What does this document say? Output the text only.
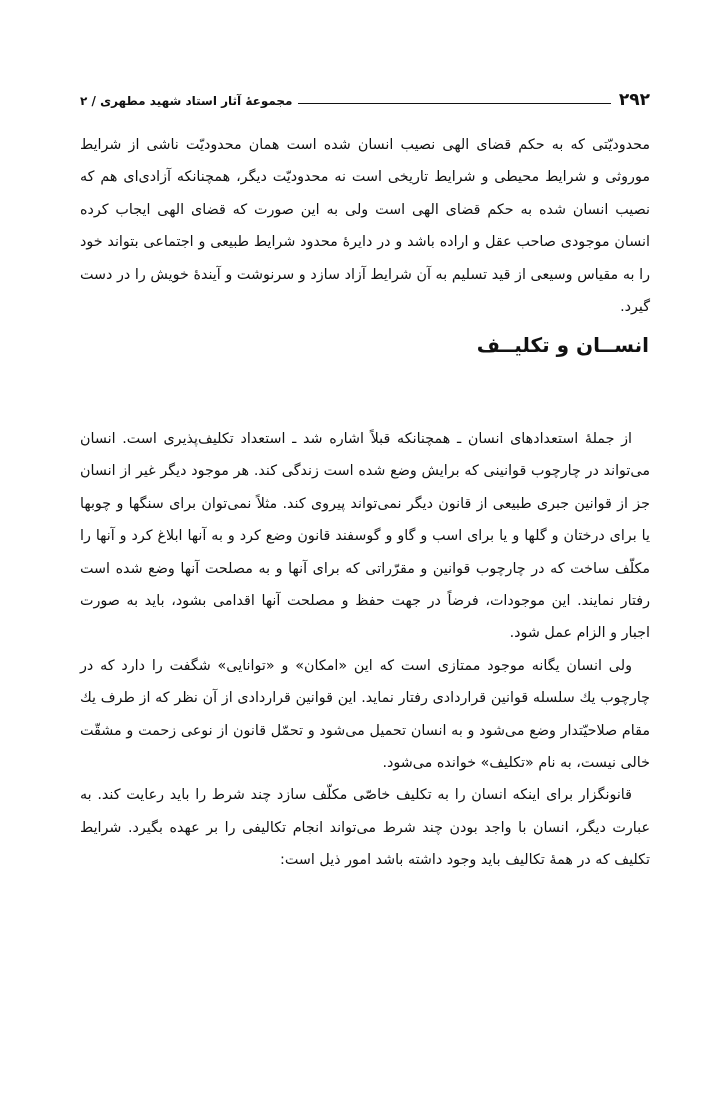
۲۹۲
مجموعهٔ آثار استاد شهید مطهری / ۲

محدودیّتی که به حکم قضای الهی نصیب انسان شده است همان محدودیّت ناشی از شرایط موروثی و شرایط محیطی و شرایط تاریخی است نه محدودیّت دیگر، همچنانکه آزادی‌ای هم که نصیب انسان شده به حکم قضای الهی است ولی به این صورت که قضای الهی ایجاب کرده انسان موجودی صاحب عقل و اراده باشد و در دایرهٔ محدود شرایط طبیعی و اجتماعی بتواند خود را به مقیاس وسیعی از قید تسلیم به آن شرایط آزاد سازد و سرنوشت و آیندهٔ خویش را در دست گیرد.

انســان و تکلیــف

از جملهٔ استعدادهای انسان ـ همچنانکه قبلاً اشاره شد ـ استعداد تکلیف‌پذیری است. انسان می‌تواند در چارچوب قوانینی که برایش وضع شده است زندگی کند. هر موجود دیگر غیر از انسان جز از قوانین جبری طبیعی از قانون دیگر نمی‌تواند پیروی کند. مثلاً نمی‌توان برای سنگها و چوبها یا برای درختان و گلها و یا برای اسب و گاو و گوسفند قانون وضع کرد و به آنها ابلاغ کرد و آنها را مکلّف ساخت که در چارچوب قوانین و مقرّراتی که برای آنها و به مصلحت آنها وضع شده است رفتار نمایند. این موجودات، فرضاً در جهت حفظ و مصلحت آنها اقدامی بشود، باید به صورت اجبار و الزام عمل شود.

ولی انسان یگانه موجود ممتازی است که این «امکان» و «توانایی» شگفت را دارد که در چارچوب یك سلسله قوانین قراردادی رفتار نماید. این قوانین قراردادی از آن نظر که از طرف یك مقام صلاحیّتدار وضع می‌شود و به انسان تحمیل می‌شود و تحمّل قانون از نوعی زحمت و مشقّت خالی نیست، به نام «تکلیف» خوانده می‌شود.

قانونگزار برای اینکه انسان را به تکلیف خاصّی مکلّف سازد چند شرط را باید رعایت کند. به عبارت دیگر، انسان با واجد بودن چند شرط می‌تواند انجام تکالیفی را بر عهده بگیرد. شرایط تکلیف که در همهٔ تکالیف باید وجود داشته باشد امور ذیل است:
